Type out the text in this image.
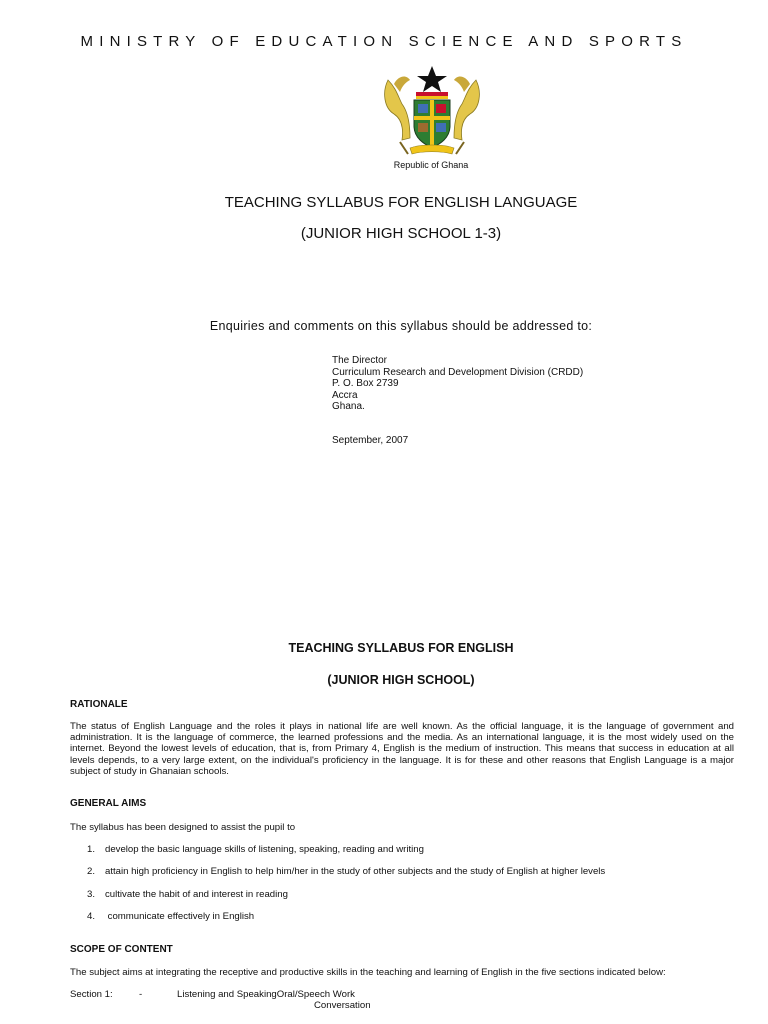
MINISTRY OF EDUCATION SCIENCE AND SPORTS
Republic of Ghana
TEACHING SYLLABUS FOR ENGLISH LANGUAGE
(JUNIOR HIGH SCHOOL 1-3)
Enquiries and comments on this syllabus should be addressed to:
The Director
Curriculum Research and Development Division (CRDD)
P. O. Box 2739
Accra
Ghana.
September, 2007
TEACHING SYLLABUS FOR ENGLISH
(JUNIOR HIGH SCHOOL)
RATIONALE
The status of English Language and the roles it plays in national life are well known. As the official language, it is the language of government and administration. It is the language of commerce, the learned professions and the media. As an international language, it is the most widely used on the internet. Beyond the lowest levels of education, that is, from Primary 4, English is the medium of instruction. This means that success in education at all levels depends, to a very large extent, on the individual's proficiency in the language. It is for these and other reasons that English Language is a major subject of study in Ghanaian schools.
GENERAL AIMS
The syllabus has been designed to assist the pupil to
1. develop the basic language skills of listening, speaking, reading and writing
2. attain high proficiency in English to help him/her in the study of other subjects and the study of English at higher levels
3. cultivate the habit of and interest in reading
4. communicate effectively in English
SCOPE OF CONTENT
The subject aims at integrating the receptive and productive skills in the teaching and learning of English in the five sections indicated below:
Section 1:	-	Listening and SpeakingOral/Speech Work
Conversation
